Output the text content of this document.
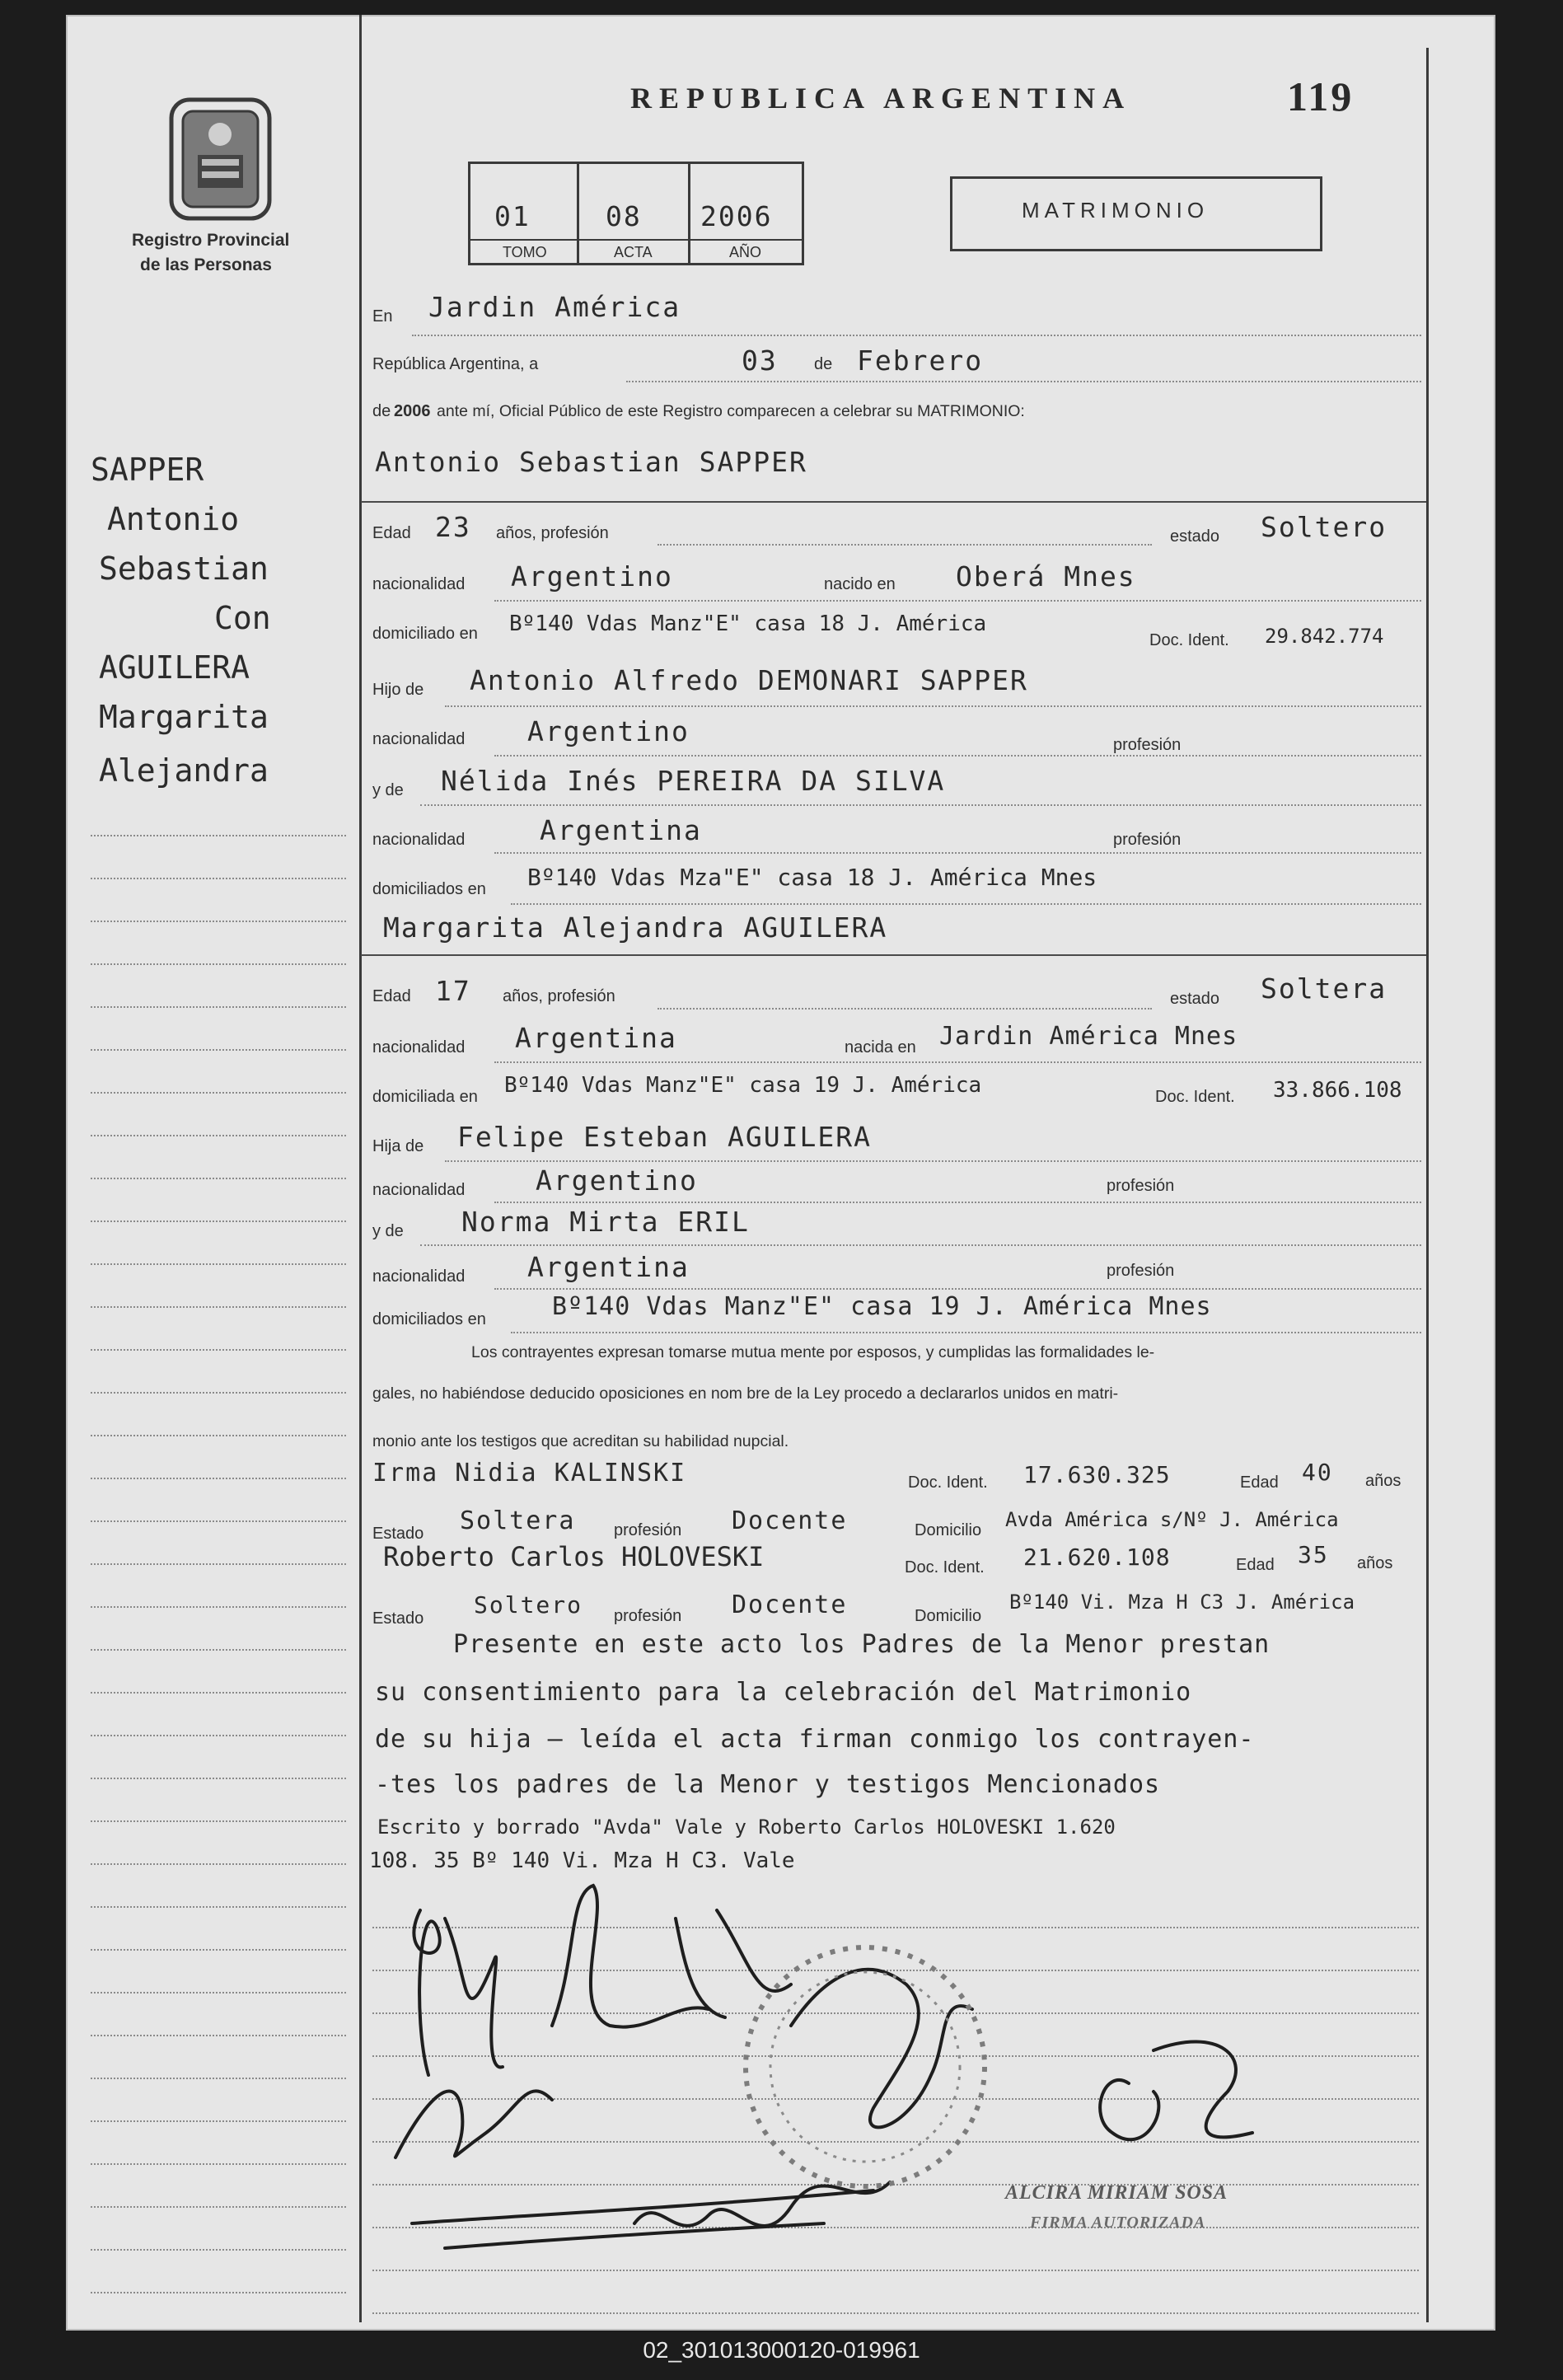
REPUBLICA ARGENTINA	119
Registro Provincial
de las Personas
01	08 2006
TOMO	ACTA	AÑO
MATRIMONIO
SAPPER
Antonio
Sebastian
Con
AGUILERA
Margarita
Alejandra
En Jardin América
República Argentina, a	03 de Febrero
de 2006 ante mí, Oficial Público de este Registro comparecen a celebrar su MATRIMONIO:
Antonio Sebastian SAPPER
Edad 23 años, profesión	estado Soltero
nacionalidad Argentino	nacido en Oberá Mnes
domiciliado en Bº140 Vdas Manz"E" casa 18 J. América
Doc. Ident. 29.842.774
Hijo de Antonio Alfredo DEMONARI SAPPER
nacionalidad Argentino	profesión
y de Nélida Inés PEREIRA DA SILVA
nacionalidad	Argentina	profesión
domiciliados en Bº140 Vdas Mza"E" casa 18 J. América Mnes
Margarita Alejandra AGUILERA
Edad 17 años, profesión	estado Soltera
nacionalidad Argentina	nacida en Jardin América Mnes
domiciliada en Bº140 Vdas Manz"E" casa 19 J. América	Doc. Ident. 33.866.108
Hija de Felipe Esteban AGUILERA
nacionalidad	Argentino	profesión
y de Norma Mirta ERIL
nacionalidad Argentina	profesión
domiciliados en	Bº140 Vdas Manz"E" casa 19 J. América Mnes
Los contrayentes expresan tomarse mutua mente por esposos, y cumplidas las formalidades le-
gales, no habiéndose deducido oposiciones en nom bre de la Ley procedo a declararlos unidos en matri-
monio ante los testigos que acreditan su habilidad nupcial.
Irma Nidia KALINSKI	Doc. Ident. 17.630.325	Edad 40 años
Estado Soltera profesión Docente	Domicilio Avda América s/Nº J. América
Roberto Carlos HOLOVESKI	Doc. Ident. 21.620.108	Edad 35 años
Estado Soltero profesión Docente	Domicilio
Bº140 Vi. Mza H C3 J. América
Presente en este acto los Padres de la Menor prestan
su consentimiento para la celebración del Matrimonio
de su hija — leída el acta firman conmigo los contrayen-
-tes los padres de la Menor y testigos Mencionados
Escrito y borrado "Avda" Vale y Roberto Carlos HOLOVESKI 1.620
108. 35 Bº 140 Vi. Mza H C3. Vale
ALCIRA MIRIAM SOSA
FIRMA AUTORIZADA
02_301013000120-019961
